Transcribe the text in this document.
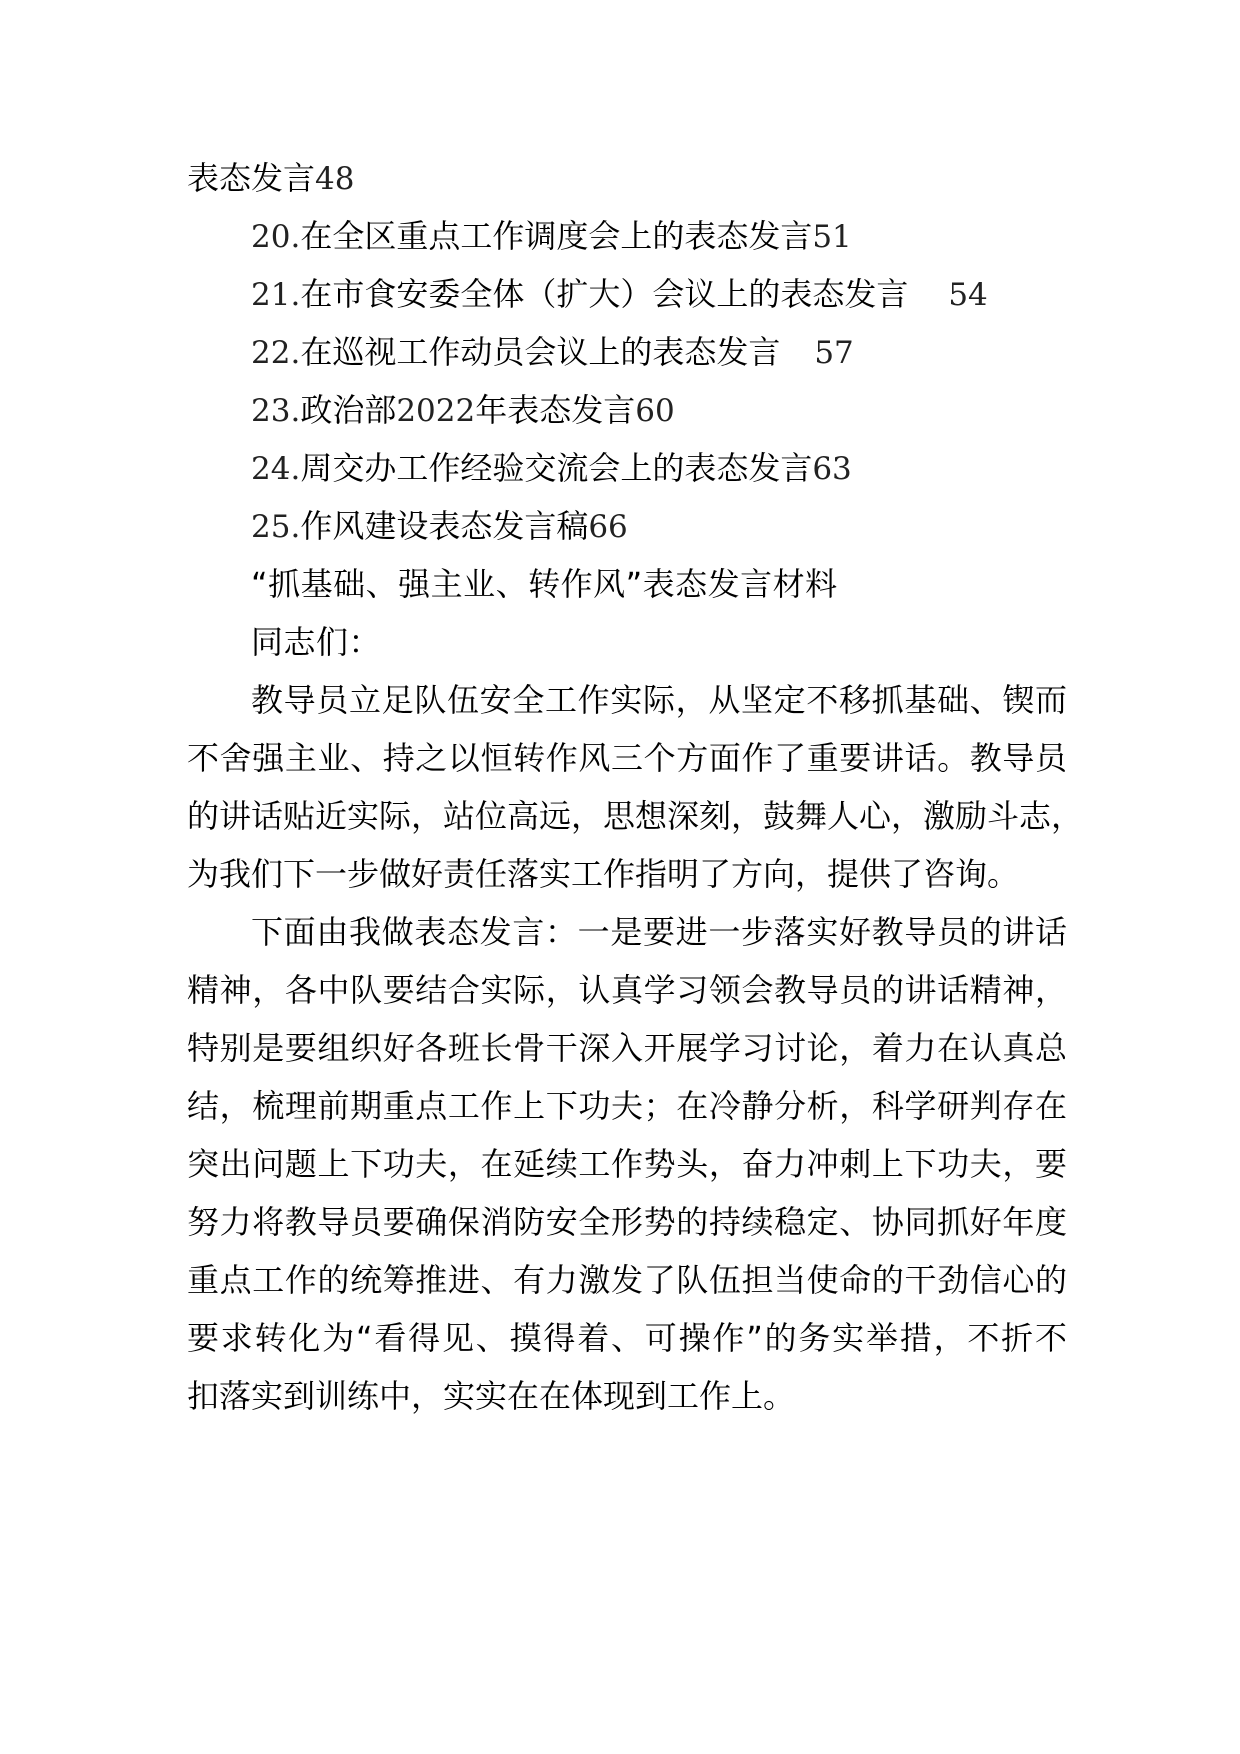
表态发言48
20.在全区重点工作调度会上的表态发言51
21.在市食安委全体（扩大）会议上的表态发言 54
22.在巡视工作动员会议上的表态发言 57
23.政治部2022年表态发言60
24.周交办工作经验交流会上的表态发言63
25.作风建设表态发言稿66
“抓基础、强主业、转作风”表态发言材料
同志们：
教导员立足队伍安全工作实际，从坚定不移抓基础、锲而
不舍强主业、持之以恒转作风三个方面作了重要讲话。教导员
的讲话贴近实际，站位高远，思想深刻，鼓舞人心，激励斗志，
为我们下一步做好责任落实工作指明了方向，提供了咨询。
下面由我做表态发言：一是要进一步落实好教导员的讲话
精神，各中队要结合实际，认真学习领会教导员的讲话精神，
特别是要组织好各班长骨干深入开展学习讨论，着力在认真总
结，梳理前期重点工作上下功夫；在冷静分析，科学研判存在
突出问题上下功夫，在延续工作势头，奋力冲刺上下功夫，要
努力将教导员要确保消防安全形势的持续稳定、协同抓好年度
重点工作的统筹推进、有力激发了队伍担当使命的干劲信心的
要求转化为“看得见、摸得着、可操作”的务实举措，不折不
扣落实到训练中，实实在在体现到工作上。
